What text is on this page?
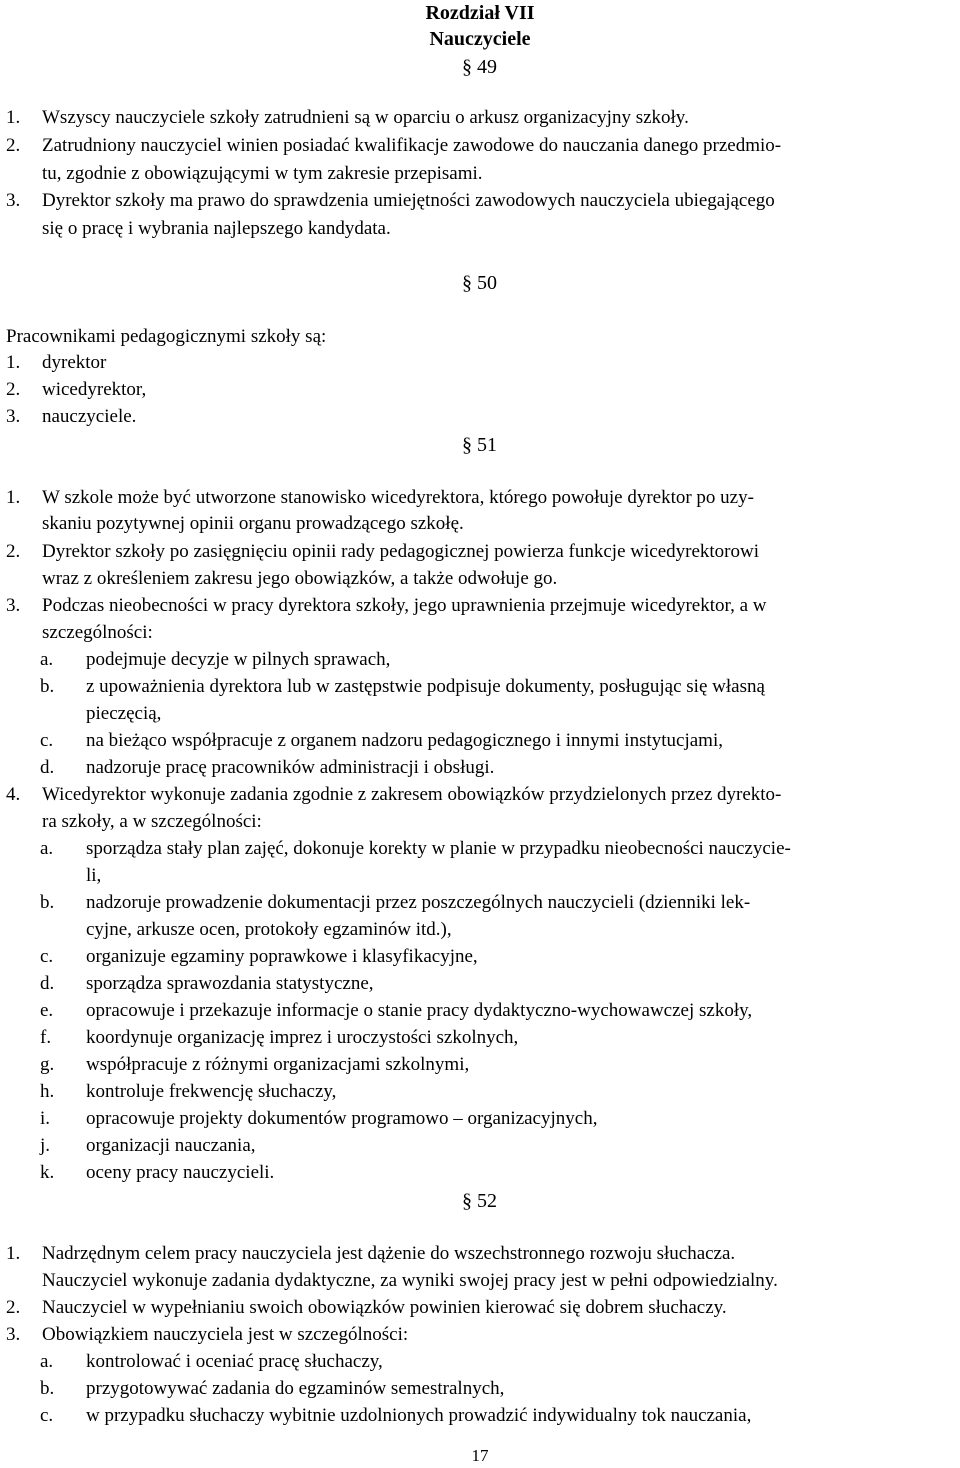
Rozdział VII
Nauczyciele
§ 49
1. Wszyscy nauczyciele szkoły zatrudnieni są w oparciu o arkusz organizacyjny szkoły.
2. Zatrudniony nauczyciel winien posiadać kwalifikacje zawodowe do nauczania danego przedmio-
tu, zgodnie z obowiązującymi w tym zakresie przepisami.
3. Dyrektor szkoły ma prawo do sprawdzenia umiejętności zawodowych nauczyciela ubiegającego
się o pracę i wybrania najlepszego kandydata.
§ 50
Pracownikami pedagogicznymi szkoły są:
1. dyrektor
2. wicedyrektor,
3. nauczyciele.
§ 51
1. W szkole może być utworzone stanowisko wicedyrektora, którego powołuje dyrektor po uzy-
skaniu pozytywnej opinii organu prowadzącego szkołę.
2. Dyrektor szkoły po zasięgnięciu opinii rady pedagogicznej powierza funkcje wicedyrektorowi
wraz z określeniem zakresu jego obowiązków, a także odwołuje go.
3. Podczas nieobecności w pracy dyrektora szkoły, jego uprawnienia przejmuje wicedyrektor, a w
szczególności:
a. podejmuje decyzje w pilnych sprawach,
b. z upoważnienia dyrektora lub w zastępstwie podpisuje dokumenty, posługując się własną
pieczęcią,
c. na bieżąco współpracuje z organem nadzoru pedagogicznego i innymi instytucjami,
d. nadzoruje pracę pracowników administracji i obsługi.
4. Wicedyrektor wykonuje zadania zgodnie z zakresem obowiązków przydzielonych przez dyrekto-
ra szkoły, a w szczególności:
a. sporządza stały plan zajęć, dokonuje korekty w planie w przypadku nieobecności nauczycie-
li,
b. nadzoruje prowadzenie dokumentacji przez poszczególnych nauczycieli (dzienniki lek-
cyjne, arkusze ocen, protokoły egzaminów itd.),
c. organizuje egzaminy poprawkowe i klasyfikacyjne,
d. sporządza sprawozdania statystyczne,
e. opracowuje i przekazuje informacje o stanie pracy dydaktyczno-wychowawczej szkoły,
f. koordynuje organizację imprez i uroczystości szkolnych,
g. współpracuje z różnymi organizacjami szkolnymi,
h. kontroluje frekwencję słuchaczy,
i. opracowuje projekty dokumentów programowo – organizacyjnych,
j. organizacji nauczania,
k. oceny pracy nauczycieli.
§ 52
1. Nadrzędnym celem pracy nauczyciela jest dążenie do wszechstronnego rozwoju słuchacza.
Nauczyciel wykonuje zadania dydaktyczne, za wyniki swojej pracy jest w pełni odpowiedzialny.
2. Nauczyciel w wypełnianiu swoich obowiązków powinien kierować się dobrem słuchaczy.
3. Obowiązkiem nauczyciela jest w szczególności:
a. kontrolować i oceniać pracę słuchaczy,
b. przygotowywać zadania do egzaminów semestralnych,
c. w przypadku słuchaczy wybitnie uzdolnionych prowadzić indywidualny tok nauczania,
17
